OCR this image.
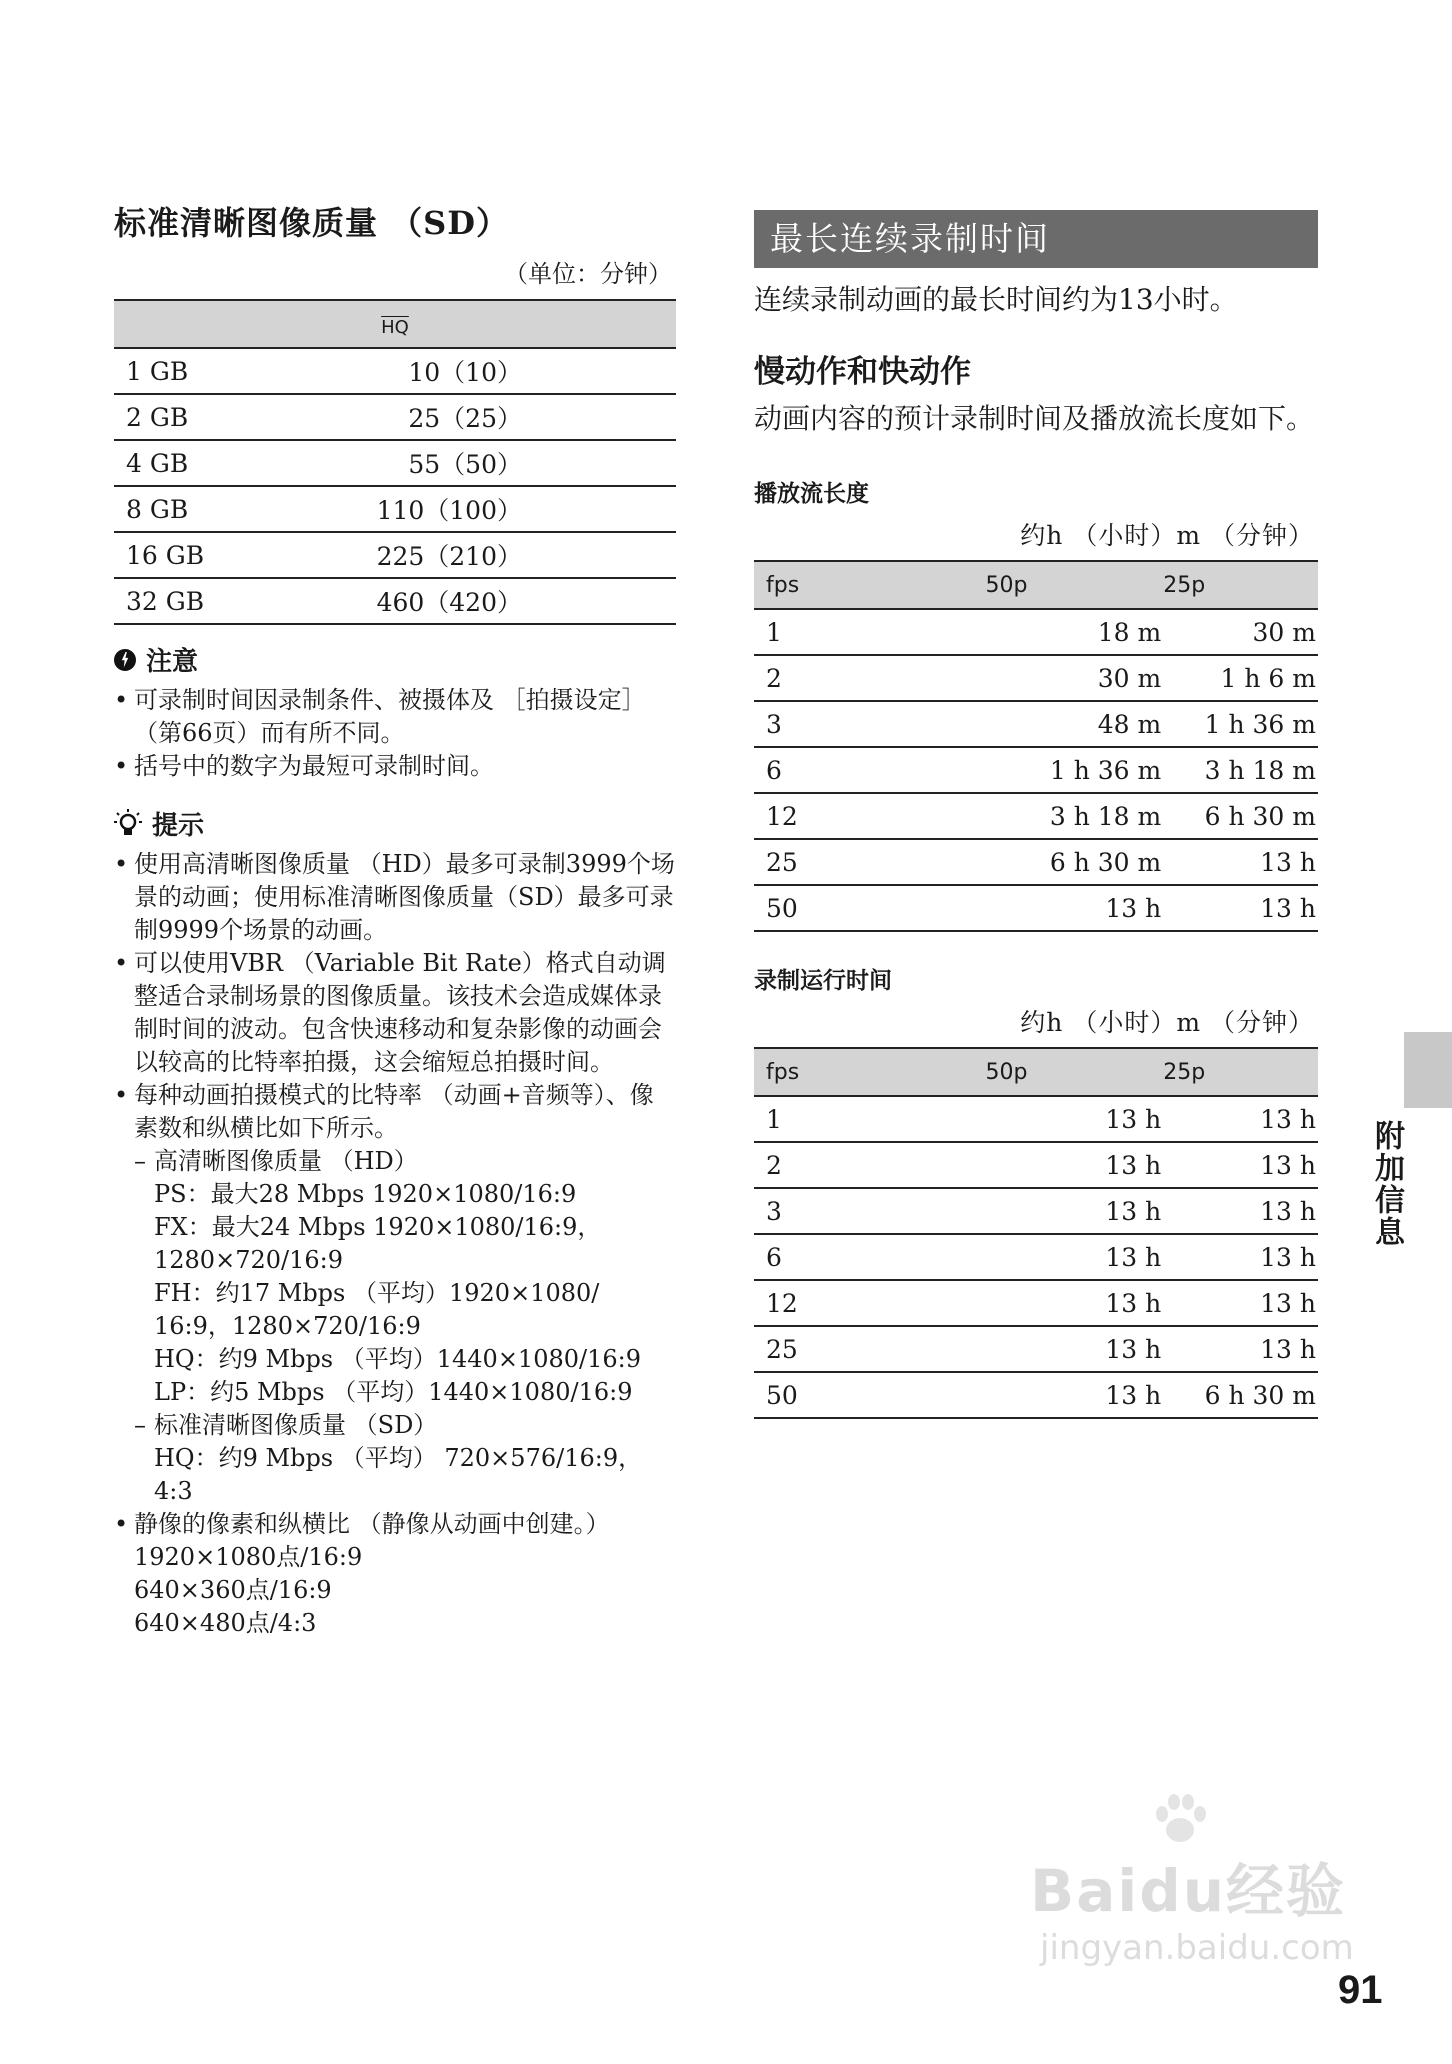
标准清晰图像质量 （SD）
（单位：分钟）
$\overline{HQ}$
1 GB	10（10）
2 GB	25（25）
4 GB	55（50）
8 GB	110（100）
16 GB	225（210）
32 GB	460（420）
注意
• 可录制时间因录制条件、被摄体及 ［拍摄设定］（第66页）而有所不同。
• 括号中的数字为最短可录制时间。
提示
• 使用高清晰图像质量 （HD）最多可录制3999个场景的动画；使用标准清晰图像质量（SD）最多可录制9999个场景的动画。
• 可以使用VBR （Variable Bit Rate）格式自动调整适合录制场景的图像质量。该技术会造成媒体录制时间的波动。包含快速移动和复杂影像的动画会以较高的比特率拍摄，这会缩短总拍摄时间。
• 每种动画拍摄模式的比特率 （动画+音频等）、像素数和纵横比如下所示。
– 高清晰图像质量 （HD）
PS：最大28 Mbps 1920×1080/16:9
FX：最大24 Mbps 1920×1080/16:9，
1280×720/16:9
FH：约17 Mbps （平均）1920×1080/
16:9，1280×720/16:9
HQ：约9 Mbps （平均）1440×1080/16:9
LP：约5 Mbps （平均）1440×1080/16:9
– 标准清晰图像质量 （SD）
HQ：约9 Mbps （平均） 720×576/16:9，
4:3
• 静像的像素和纵横比 （静像从动画中创建。）
1920×1080点/16:9
640×360点/16:9
640×480点/4:3
最长连续录制时间
连续录制动画的最长时间约为13小时。
慢动作和快动作
动画内容的预计录制时间及播放流长度如下。
播放流长度
约h （小时）m （分钟）
fps	50p	25p
1	18 m	30 m
2	30 m	1 h 6 m
3	48 m	1 h 36 m
6	1 h 36 m	3 h 18 m
12	3 h 18 m	6 h 30 m
25	6 h 30 m	13 h
50	13 h	13 h
录制运行时间
约h （小时）m （分钟）
fps	50p	25p
1	13 h	13 h
2	13 h	13 h
3	13 h	13 h
6	13 h	13 h
12	13 h	13 h
25	13 h	13 h
50	13 h	6 h 30 m
附加信息
Baidu经验
jingyan.baidu.com
91
